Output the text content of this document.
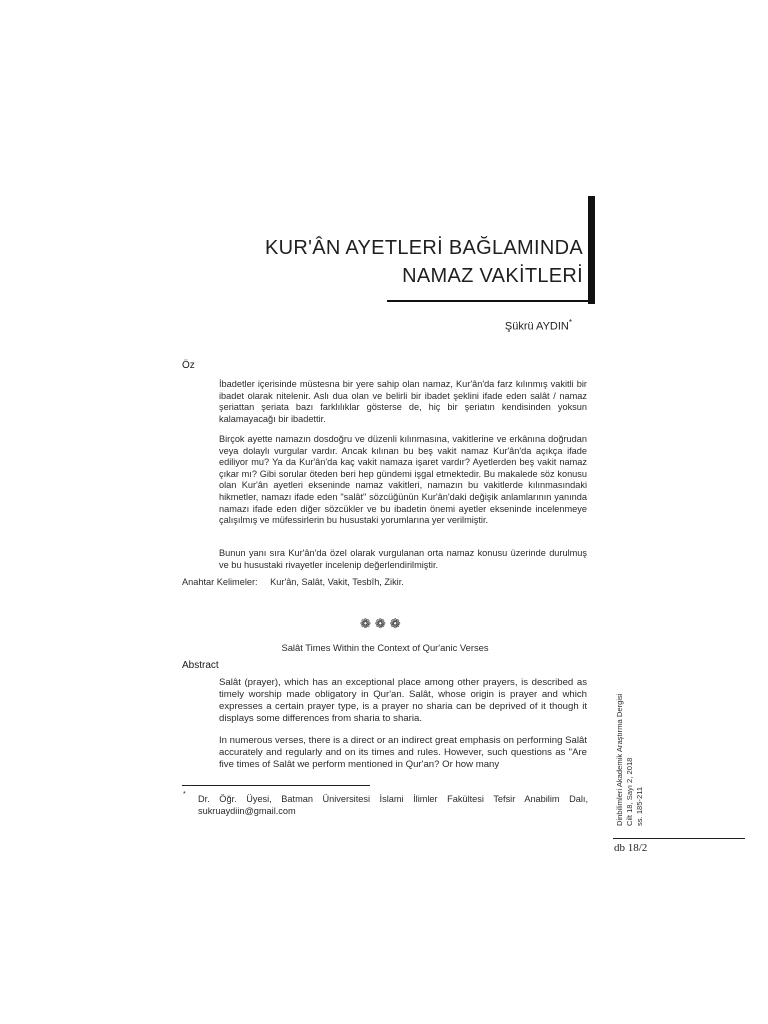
KUR'ÂN AYETLERİ BAĞLAMINDA
NAMAZ VAKİTLERİ
Şükrü AYDIN*
Öz

İbadetler içerisinde müstesna bir yere sahip olan namaz, Kur'ân'da farz kılınmış vakitli bir ibadet olarak nitelenir. Aslı dua olan ve belirli bir ibadet şeklini ifade eden salât / namaz şeriattan şeriata bazı farklılıklar gösterse de, hiç bir şeriatın kendisinden yoksun kalamayacağı bir ibadettir.

Birçok ayette namazın dosdoğru ve düzenli kılınmasına, vakitlerine ve erkânına doğrudan veya dolaylı vurgular vardır. Ancak kılınan bu beş vakit namaz Kur'ân'da açıkça ifade ediliyor mu? Ya da Kur'ân'da kaç vakit namaza işaret vardır? Ayetlerden beş vakit namaz çıkar mı? Gibi sorular öteden beri hep gündemi işgal etmektedir. Bu makalede söz konusu olan Kur'ân ayetleri ekseninde namaz vakitleri, namazın bu vakitlerde kılınmasındaki hikmetler, namazı ifade eden "salât" sözcüğünün Kur'ân'daki değişik anlamlarının yanında namazı ifade eden diğer sözcükler ve bu ibadetin önemi ayetler ekseninde incelenmeye çalışılmış ve müfessirlerin bu husustaki yorumlarına yer verilmiştir.

Bunun yanı sıra Kur'ân'da özel olarak vurgulanan orta namaz konusu üzerinde durulmuş ve bu husustaki rivayetler incelenip değerlendirilmiştir.

Anahtar Kelimeler: Kur'ân, Salât, Vakit, Tesbîh, Zikir.
❁❁❁
Salât Times Within the Context of Qur'anic Verses
Abstract

Salât (prayer), which has an exceptional place among other prayers, is described as timely worship made obligatory in Qur'an. Salât, whose origin is prayer and which expresses a certain prayer type, is a prayer no sharia can be deprived of it though it displays some differences from sharia to sharia.

In numerous verses, there is a direct or an indirect great emphasis on performing Salât accurately and regularly and on its times and rules. However, such questions as "Are five times of Salât we perform mentioned in Qur'an? Or how many

* Dr. Öğr. Üyesi, Batman Üniversitesi İslami İlimler Fakültesi Tefsir Anabilim Dalı, sukruaydiin@gmail.com	Dinbilimleri Akademik Araştırma Dergisi Cilt 18, Sayı 2, 2018 ss. 185-211
db 18/2
